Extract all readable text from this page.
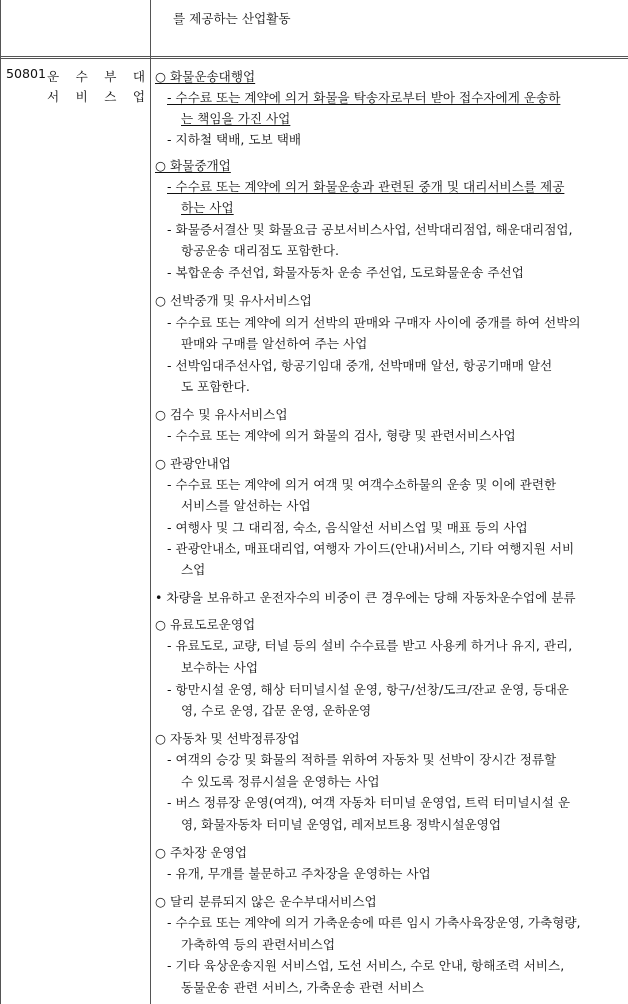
를 제공하는 산업활동
50801 운 수 부 대
서 비 스 업
○ 화물운송대행업
- 수수료 또는 계약에 의거 화물을 탁송자로부터 받아 접수자에게 운송하
는 책임을 가진 사업
- 지하철 택배, 도보 택배
○ 화물중개업
- 수수료 또는 계약에 의거 화물운송과 관련된 중개 및 대리서비스를 제공
하는 사업
- 화물증서결산 및 화물요금 공보서비스사업, 선박대리점업, 해운대리점업,
항공운송 대리점도 포함한다.
- 복합운송 주선업, 화물자동차 운송 주선업, 도로화물운송 주선업
○ 선박중개 및 유사서비스업
- 수수료 또는 계약에 의거 선박의 판매와 구매자 사이에 중개를 하여 선박의
판매와 구매를 알선하여 주는 사업
- 선박임대주선사업, 항공기임대 중개, 선박매매 알선, 항공기매매 알선
도 포함한다.
○ 검수 및 유사서비스업
- 수수료 또는 계약에 의거 화물의 검사, 형량 및 관련서비스사업
○ 관광안내업
- 수수료 또는 계약에 의거 여객 및 여객수소하물의 운송 및 이에 관련한
서비스를 알선하는 사업
- 여행사 및 그 대리점, 숙소, 음식알선 서비스업 및 매표 등의 사업
- 관광안내소, 매표대리업, 여행자 가이드(안내)서비스, 기타 여행지원 서비
스업
• 차량을 보유하고 운전자수의 비중이 큰 경우에는 당해 자동차운수업에 분류
○ 유료도로운영업
- 유료도로, 교량, 터널 등의 설비 수수료를 받고 사용케 하거나 유지, 관리,
보수하는 사업
- 항만시설 운영, 해상 터미널시설 운영, 항구/선창/도크/잔교 운영, 등대운
영, 수로 운영, 갑문 운영, 운하운영
○ 자동차 및 선박정류장업
- 여객의 승강 및 화물의 적하를 위하여 자동차 및 선박이 장시간 정류할
수 있도록 정류시설을 운영하는 사업
- 버스 정류장 운영(여객), 여객 자동차 터미널 운영업, 트럭 터미널시설 운
영, 화물자동차 터미널 운영업, 레저보트용 정박시설운영업
○ 주차장 운영업
- 유개, 무개를 불문하고 주차장을 운영하는 사업
○ 달리 분류되지 않은 운수부대서비스업
- 수수료 또는 계약에 의거 가축운송에 따른 임시 가축사육장운영, 가축형량,
가축하역 등의 관련서비스업
- 기타 육상운송지원 서비스업, 도선 서비스, 수로 안내, 항해조력 서비스,
동물운송 관련 서비스, 가축운송 관련 서비스
